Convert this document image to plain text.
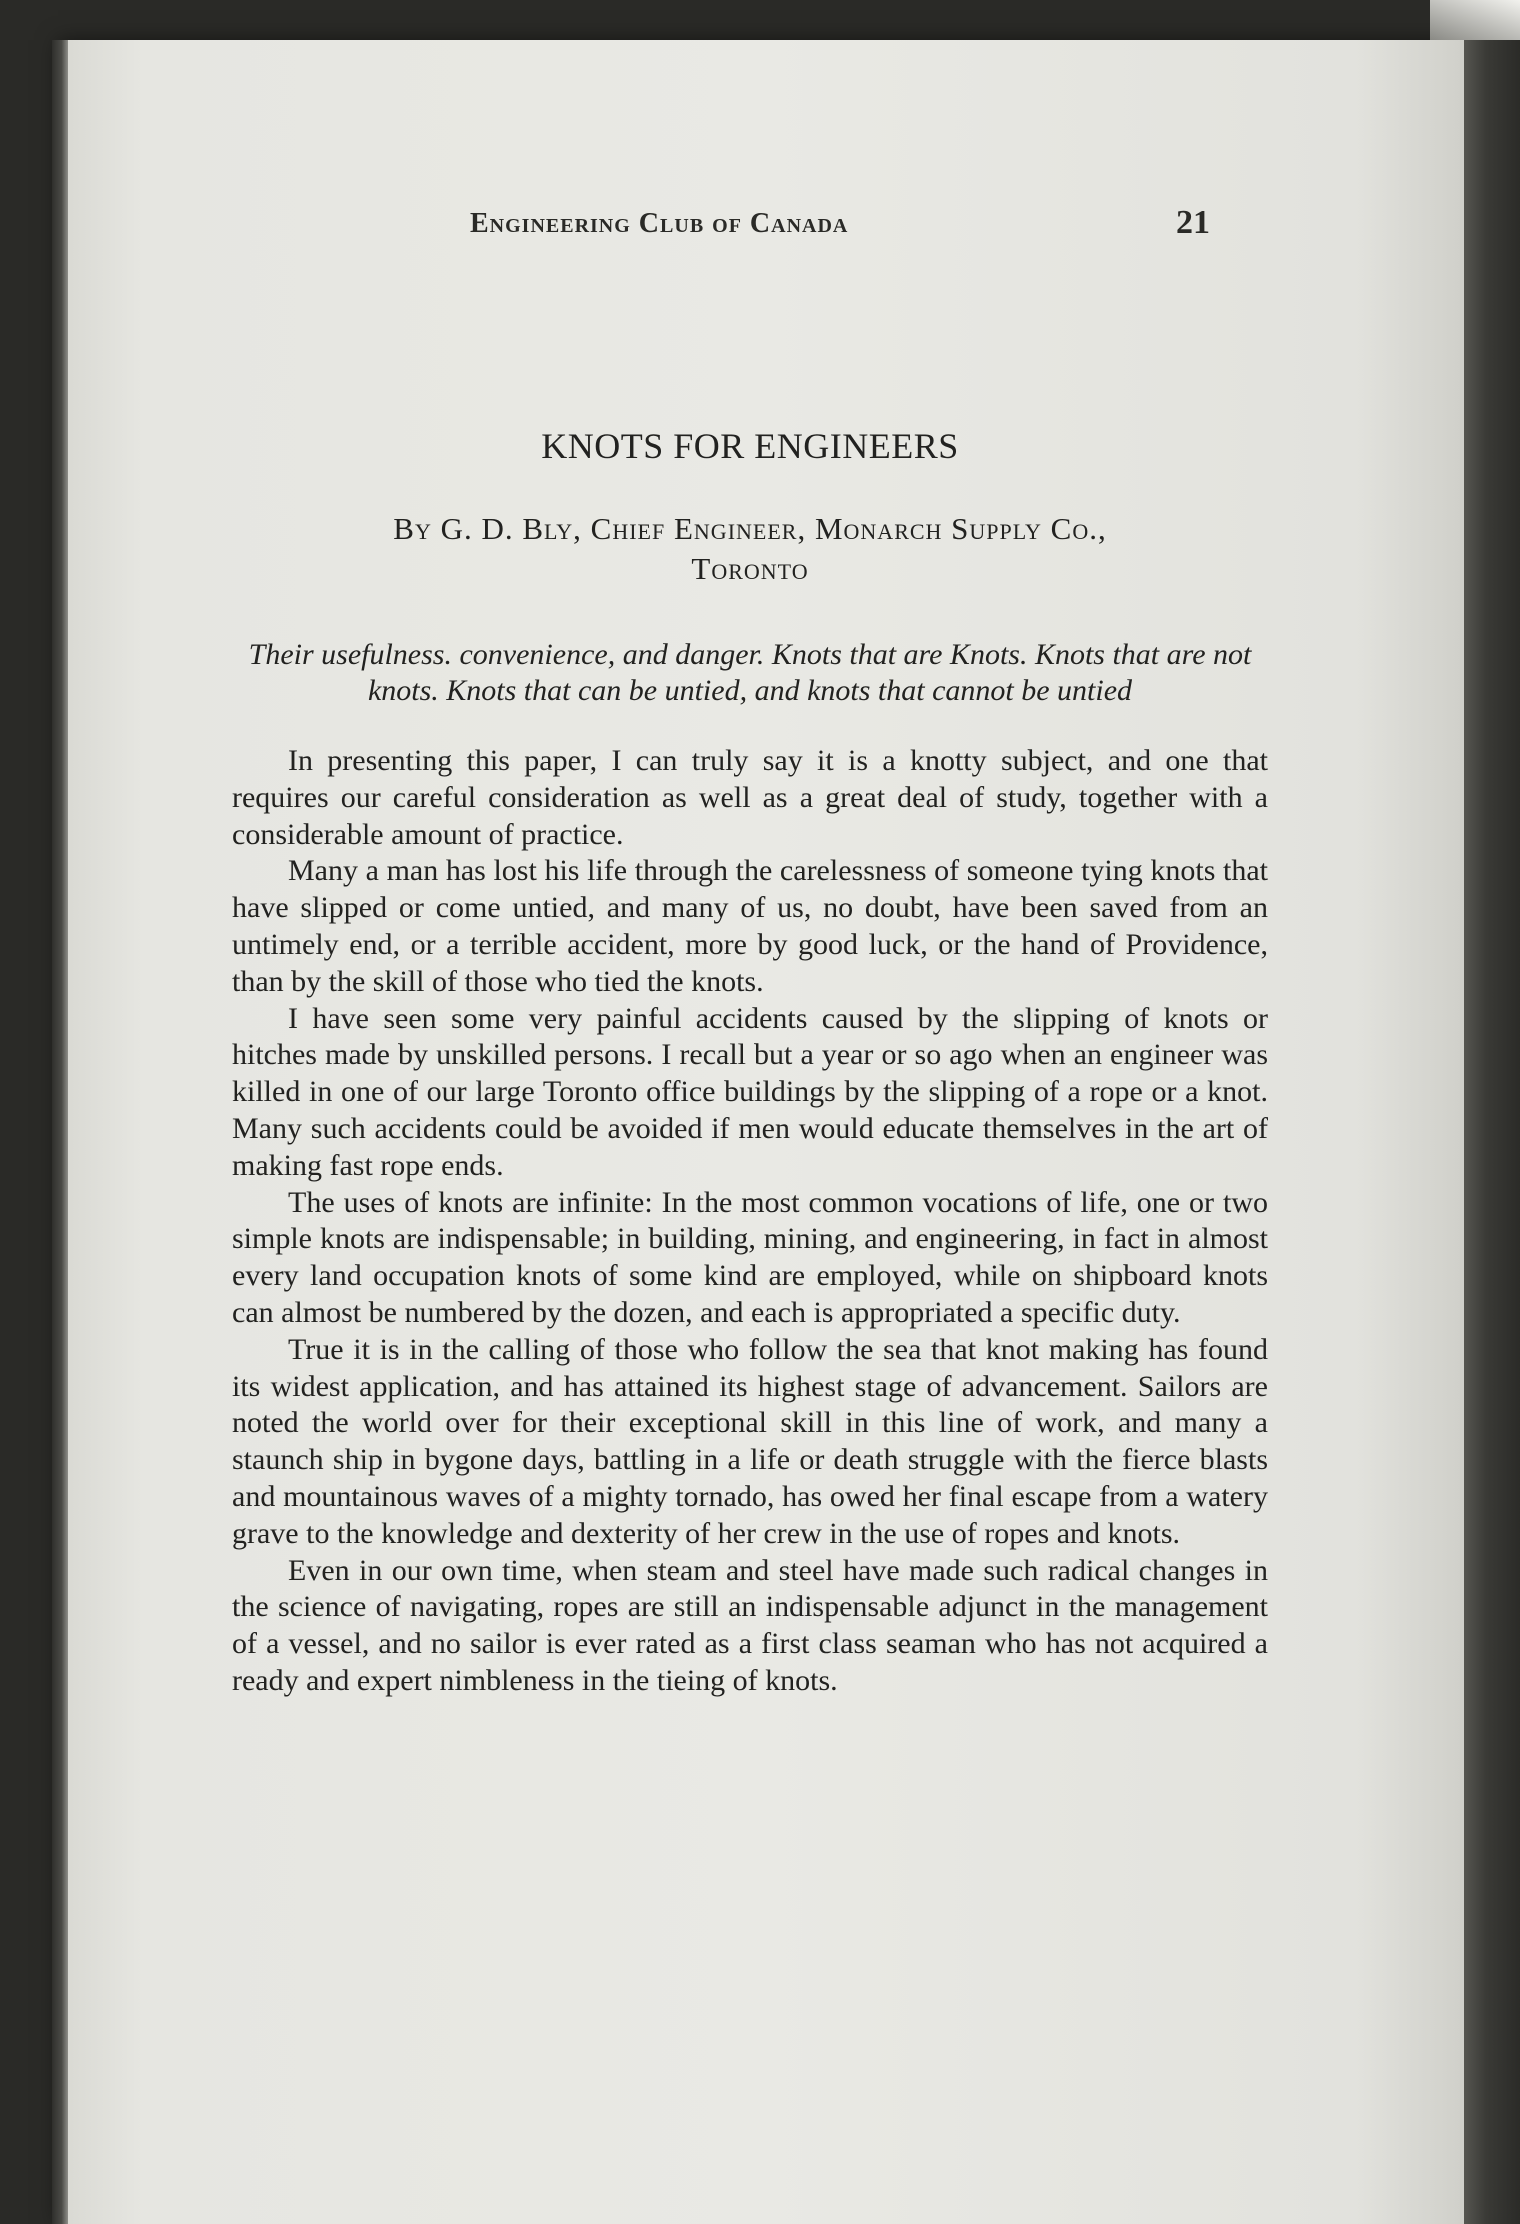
Engineering Club of Canada	21
KNOTS FOR ENGINEERS
By G. D. Bly, Chief Engineer, Monarch Supply Co.,
Toronto

Their usefulness. convenience, and danger. Knots that are Knots. Knots that are not knots. Knots that can be untied, and knots that cannot be untied

In presenting this paper, I can truly say it is a knotty subject, and one that requires our careful consideration as well as a great deal of study, together with a considerable amount of practice.

Many a man has lost his life through the carelessness of someone tying knots that have slipped or come untied, and many of us, no doubt, have been saved from an untimely end, or a terrible accident, more by good luck, or the hand of Providence, than by the skill of those who tied the knots.

I have seen some very painful accidents caused by the slipping of knots or hitches made by unskilled persons. I recall but a year or so ago when an engineer was killed in one of our large Toronto office buildings by the slipping of a rope or a knot. Many such accidents could be avoided if men would educate themselves in the art of making fast rope ends.

The uses of knots are infinite: In the most common vocations of life, one or two simple knots are indispensable; in building, mining, and engineering, in fact in almost every land occupation knots of some kind are employed, while on shipboard knots can almost be numbered by the dozen, and each is appropriated a specific duty.

True it is in the calling of those who follow the sea that knot making has found its widest application, and has attained its highest stage of advancement. Sailors are noted the world over for their exceptional skill in this line of work, and many a staunch ship in bygone days, battling in a life or death struggle with the fierce blasts and mountainous waves of a mighty tornado, has owed her final escape from a watery grave to the knowledge and dexterity of her crew in the use of ropes and knots.

Even in our own time, when steam and steel have made such radical changes in the science of navigating, ropes are still an indispensable adjunct in the management of a vessel, and no sailor is ever rated as a first class seaman who has not acquired a ready and expert nimbleness in the tieing of knots.
